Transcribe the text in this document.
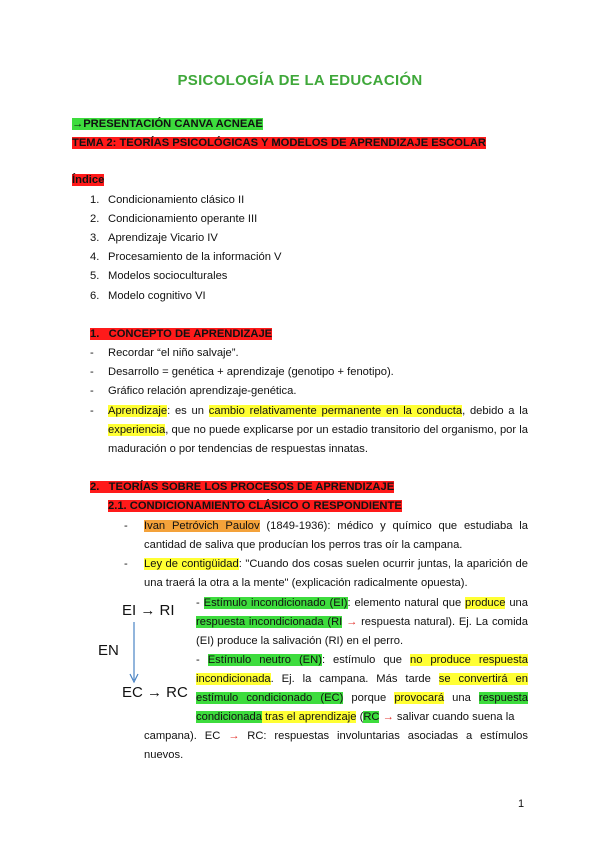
PSICOLOGÍA DE LA EDUCACIÓN
→PRESENTACIÓN CANVA ACNEAE
TEMA 2: TEORÍAS PSICOLÓGICAS Y MODELOS DE APRENDIZAJE ESCOLAR
Índice
1. Condicionamiento clásico II
2. Condicionamiento operante III
3. Aprendizaje Vicario IV
4. Procesamiento de la información V
5. Modelos socioculturales
6. Modelo cognitivo VI
1.   CONCEPTO DE APRENDIZAJE
- Recordar “el niño salvaje”.
- Desarrollo = genética + aprendizaje (genotipo + fenotipo).
- Gráfico relación aprendizaje-genética.
- Aprendizaje: es un cambio relativamente permanente en la conducta, debido a la experiencia, que no puede explicarse por un estadio transitorio del organismo, por la maduración o por tendencias de respuestas innatas.
2.   TEORÍAS SOBRE LOS PROCESOS DE APRENDIZAJE
2.1. CONDICIONAMIENTO CLÁSICO O RESPONDIENTE
- Ivan Petróvich Paulov (1849-1936): médico y químico que estudiaba la cantidad de saliva que producían los perros tras oír la campana.
- Ley de contigüidad: "Cuando dos cosas suelen ocurrir juntas, la aparición de una traerá la otra a la mente" (explicación radicalmente opuesta).
EI → RI
EN
EC → RC
- Estímulo incondicionado (EI): elemento natural que produce una respuesta incondicionada (RI → respuesta natural). Ej. La comida (EI) produce la salivación (RI) en el perro.
- Estímulo neutro (EN): estímulo que no produce respuesta incondicionada. Ej. la campana. Más tarde se convertirá en estímulo condicionado (EC) porque provocará una respuesta condicionada tras el aprendizaje (RC → salivar cuando suena la
campana). EC → RC: respuestas involuntarias asociadas a estímulos nuevos.
1
